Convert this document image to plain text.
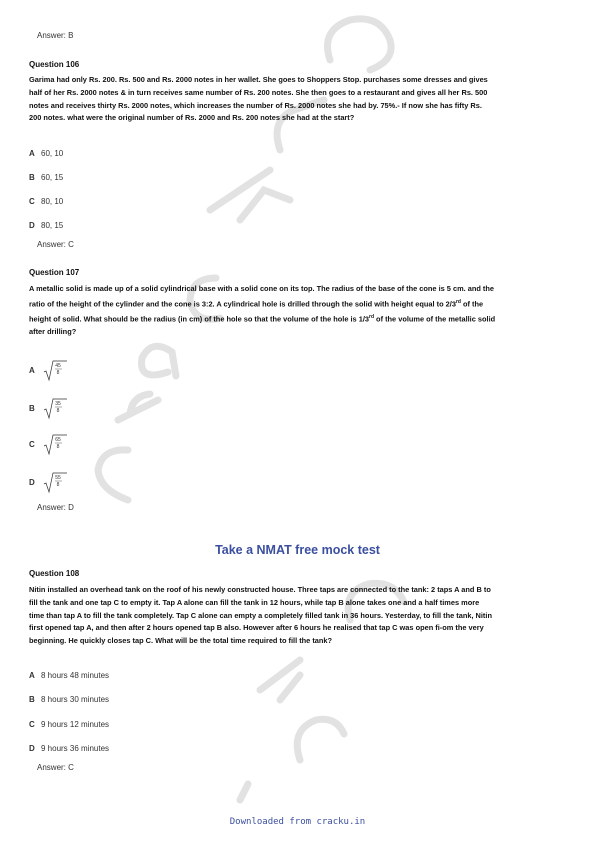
Answer: B
Question 106
Garima had only Rs. 200. Rs. 500 and Rs. 2000 notes in her wallet. She goes to Shoppers Stop. purchases some dresses and gives
half of her Rs. 2000 notes & in turn receives same number of Rs. 200 notes. She then goes to a restaurant and gives all her Rs. 500
notes and receives thirty Rs. 2000 notes, which increases the number of Rs. 2000 notes she had by. 75%.- If now she has fifty Rs.
200 notes. what were the original number of Rs. 2000 and Rs. 200 notes she had at the start?
A 60, 10
B 60, 15
C 80, 10
D 80, 15
Answer: C
Question 107
A metallic solid is made up of a solid cylindrical base with a solid cone on its top. The radius of the base of the cone is 5 cm. and the
ratio of the height of the cylinder and the cone is 3:2. A cylindrical hole is drilled through the solid with height equal to 2/3rd of the
height of solid. What should be the radius (in cm) of the hole so that the volume of the hole is 1/3rd of the volume of the metallic solid
after drilling?
A
45
8
B
35
8
C
65
8
D
55
8
Answer: D
Take a NMAT free mock test
Question 108
Nitin installed an overhead tank on the roof of his newly constructed house. Three taps are connected to the tank: 2 taps A and B to
fill the tank and one tap C to empty it. Tap A alone can fill the tank in 12 hours, while tap B alone takes one and a half times more
time than tap A to fill the tank completely. Tap C alone can empty a completely filled tank in 36 hours. Yesterday, to fill the tank, Nitin
first opened tap A, and then after 2 hours opened tap B also. However after 6 hours he realised that tap C was open fi-om the very
beginning. He quickly closes tap C. What will be the total time required to fill the tank?
A 8 hours 48 minutes
B 8 hours 30 minutes
C 9 hours 12 minutes
D 9 hours 36 minutes
Answer: C
Downloaded from cracku.in
